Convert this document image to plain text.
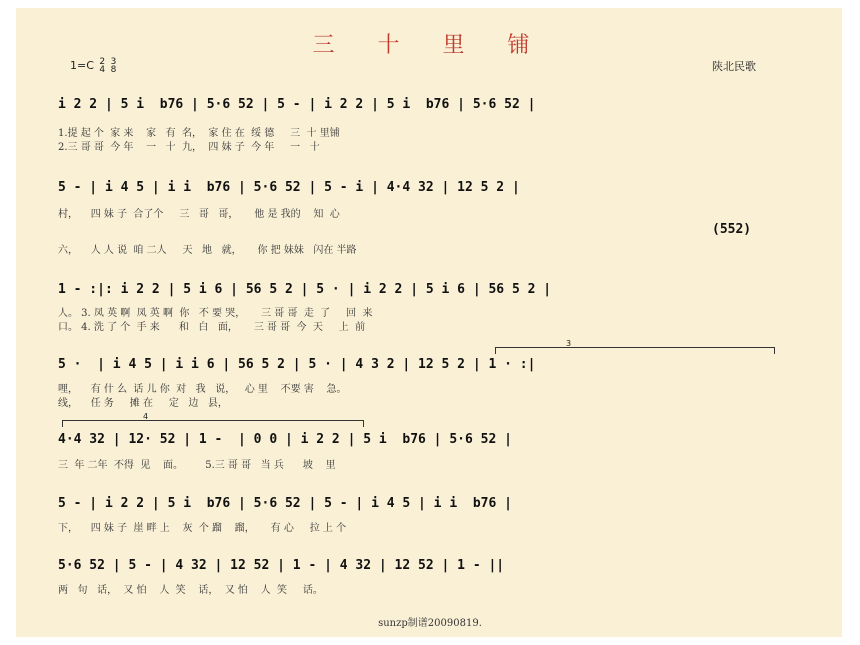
三 十 里 铺
1=C 2
4

3
8	陕北民歌
i 2 2 | 5 i  b76 | 5·6 52 | 5 - | i 2 2 | 5 i  b76 | 5·6 52 |
1.提 起 个  家 来    家   有  名，  家 住 在  绥 德     三  十 里铺
2.三 哥 哥  今 年    一   十  九，  四 妹 子  今 年     一   十
5 - | i 4 5 | i i  b76 | 5·6 52 | 5 - i | 4·4 32 | 12 5 2 |
村，    四 妹 子  合了个     三   哥   哥，     他 是 我的    知  心
(552)
六，    人 人 说  咱 二人     天   地   就，     你 把 妹妹   闪在 半路
1 - :|: i 2 2 | 5 i 6 | 56 5 2 | 5 · | i 2 2 | 5 i 6 | 56 5 2 |
人。 3. 凤 英 啊  凤 英 啊  你   不 要 哭，     三 哥 哥  走  了     回  来
口。 4. 洗 了 个  手 来      和   白   面，     三 哥 哥  今  天     上  前
3
5 ·  | i 4 5 | i i 6 | 56 5 2 | 5 · | 4 3 2 | 12 5 2 | 1 · :|
哩，    有 什 么  话 儿 你  对   我   说，   心 里    不要 害    急。
线，    任 务     摊 在     定   边   县，
4
4·4 32 | 12· 52 | 1 -  | 0 0 | i 2 2 | 5 i  b76 | 5·6 52 |
三  年 二年  不得  见    面。       5.三 哥 哥   当 兵      坡    里
5 - | i 2 2 | 5 i  b76 | 5·6 52 | 5 - | i 4 5 | i i  b76 |
下，    四 妹 子  崖 畔 上    灰  个 蹓    蹓，     有 心     拉 上 个
5·6 52 | 5 - | 4 32 | 12 52 | 1 - | 4 32 | 12 52 | 1 - ||
两   句   话，  又 怕    人  笑    话，  又 怕    人  笑     话。
sunzp制谱20090819.
